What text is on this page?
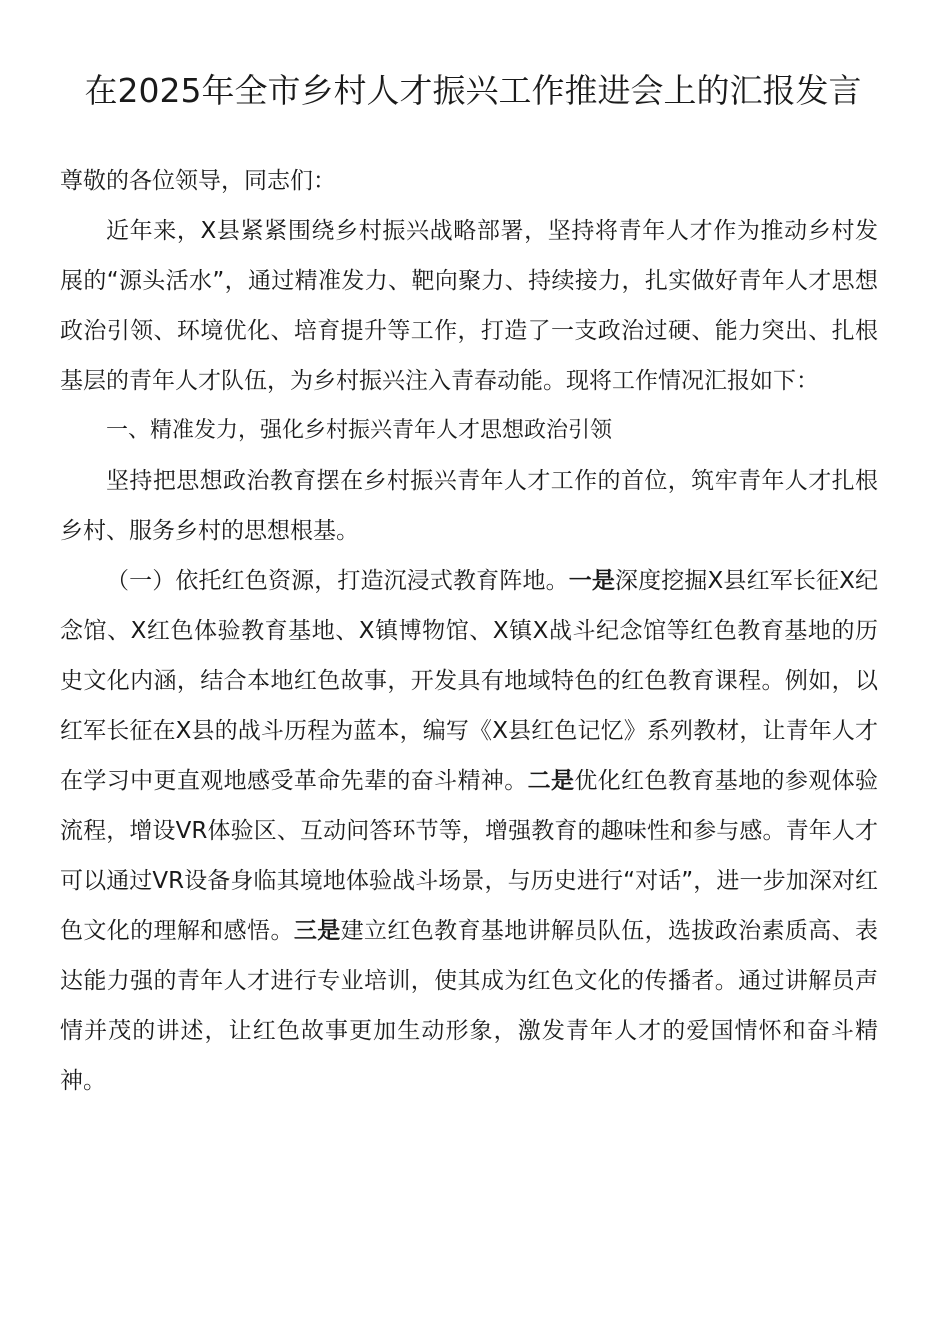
在2025年全市乡村人才振兴工作推进会上的汇报发言

尊敬的各位领导，同志们：

近年来，X县紧紧围绕乡村振兴战略部署，坚持将青年人才作为推动乡村发展的“源头活水”，通过精准发力、靶向聚力、持续接力，扎实做好青年人才思想政治引领、环境优化、培育提升等工作，打造了一支政治过硬、能力突出、扎根基层的青年人才队伍，为乡村振兴注入青春动能。现将工作情况汇报如下：

一、精准发力，强化乡村振兴青年人才思想政治引领

坚持把思想政治教育摆在乡村振兴青年人才工作的首位，筑牢青年人才扎根乡村、服务乡村的思想根基。

（一）依托红色资源，打造沉浸式教育阵地。一是深度挖掘X县红军长征X纪念馆、X红色体验教育基地、X镇博物馆、X镇X战斗纪念馆等红色教育基地的历史文化内涵，结合本地红色故事，开发具有地域特色的红色教育课程。例如，以红军长征在X县的战斗历程为蓝本，编写《X县红色记忆》系列教材，让青年人才在学习中更直观地感受革命先辈的奋斗精神。二是优化红色教育基地的参观体验流程，增设VR体验区、互动问答环节等，增强教育的趣味性和参与感。青年人才可以通过VR设备身临其境地体验战斗场景，与历史进行“对话”，进一步加深对红色文化的理解和感悟。三是建立红色教育基地讲解员队伍，选拔政治素质高、表达能力强的青年人才进行专业培训，使其成为红色文化的传播者。通过讲解员声情并茂的讲述，让红色故事更加生动形象，激发青年人才的爱国情怀和奋斗精神。
